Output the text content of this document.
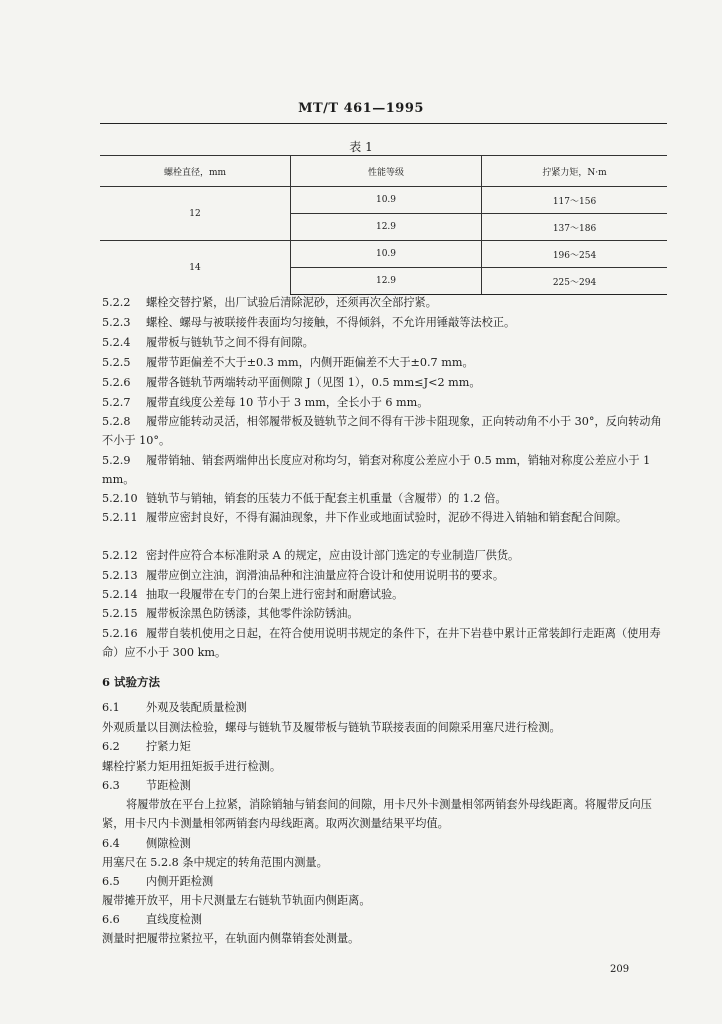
MT/T 461—1995
表 1
螺栓直径，mm	性能等级	拧紧力矩，N·m
12	10.9	117～156
	12.9	137～186
14	10.9	196～254
	12.9	225～294

5.2.2 螺栓交替拧紧，出厂试验后清除泥砂，还须再次全部拧紧。

5.2.3 螺栓、螺母与被联接件表面均匀接触，不得倾斜，不允许用锤敲等法校正。

5.2.4 履带板与链轨节之间不得有间隙。

5.2.5 履带节距偏差不大于±0.3 mm，内侧开距偏差不大于±0.7 mm。

5.2.6 履带各链轨节两端转动平面侧隙 J（见图 1），0.5 mm≤J<2 mm。

5.2.7 履带直线度公差每 10 节小于 3 mm，全长小于 6 mm。

5.2.8 履带应能转动灵活，相邻履带板及链轨节之间不得有干涉卡阻现象，正向转动角不小于 30°，反向转动角不小于 10°。

5.2.9 履带销轴、销套两端伸出长度应对称均匀，销套对称度公差应小于 0.5 mm，销轴对称度公差应小于 1 mm。

5.2.10 链轨节与销轴，销套的压装力不低于配套主机重量（含履带）的 1.2 倍。

5.2.11 履带应密封良好，不得有漏油现象，井下作业或地面试验时，泥砂不得进入销轴和销套配合间隙。

5.2.12 密封件应符合本标准附录 A 的规定，应由设计部门选定的专业制造厂供货。

5.2.13 履带应倒立注油，润滑油品种和注油量应符合设计和使用说明书的要求。

5.2.14 抽取一段履带在专门的台架上进行密封和耐磨试验。

5.2.15 履带板涂黑色防锈漆，其他零件涂防锈油。

5.2.16 履带自装机使用之日起，在符合使用说明书规定的条件下，在井下岩巷中累计正常装卸行走距离（使用寿命）应不小于 300 km。

6 试验方法

6.1 外观及装配质量检测

外观质量以目测法检验，螺母与链轨节及履带板与链轨节联接表面的间隙采用塞尺进行检测。

6.2 拧紧力矩

螺栓拧紧力矩用扭矩扳手进行检测。

6.3 节距检测

将履带放在平台上拉紧，消除销轴与销套间的间隙，用卡尺外卡测量相邻两销套外母线距离。将履带反向压紧，用卡尺内卡测量相邻两销套内母线距离。取两次测量结果平均值。

6.4 侧隙检测

用塞尺在 5.2.8 条中规定的转角范围内测量。

6.5 内侧开距检测

履带摊开放平，用卡尺测量左右链轨节轨面内侧距离。

6.6 直线度检测

测量时把履带拉紧拉平，在轨面内侧靠销套处测量。

209
